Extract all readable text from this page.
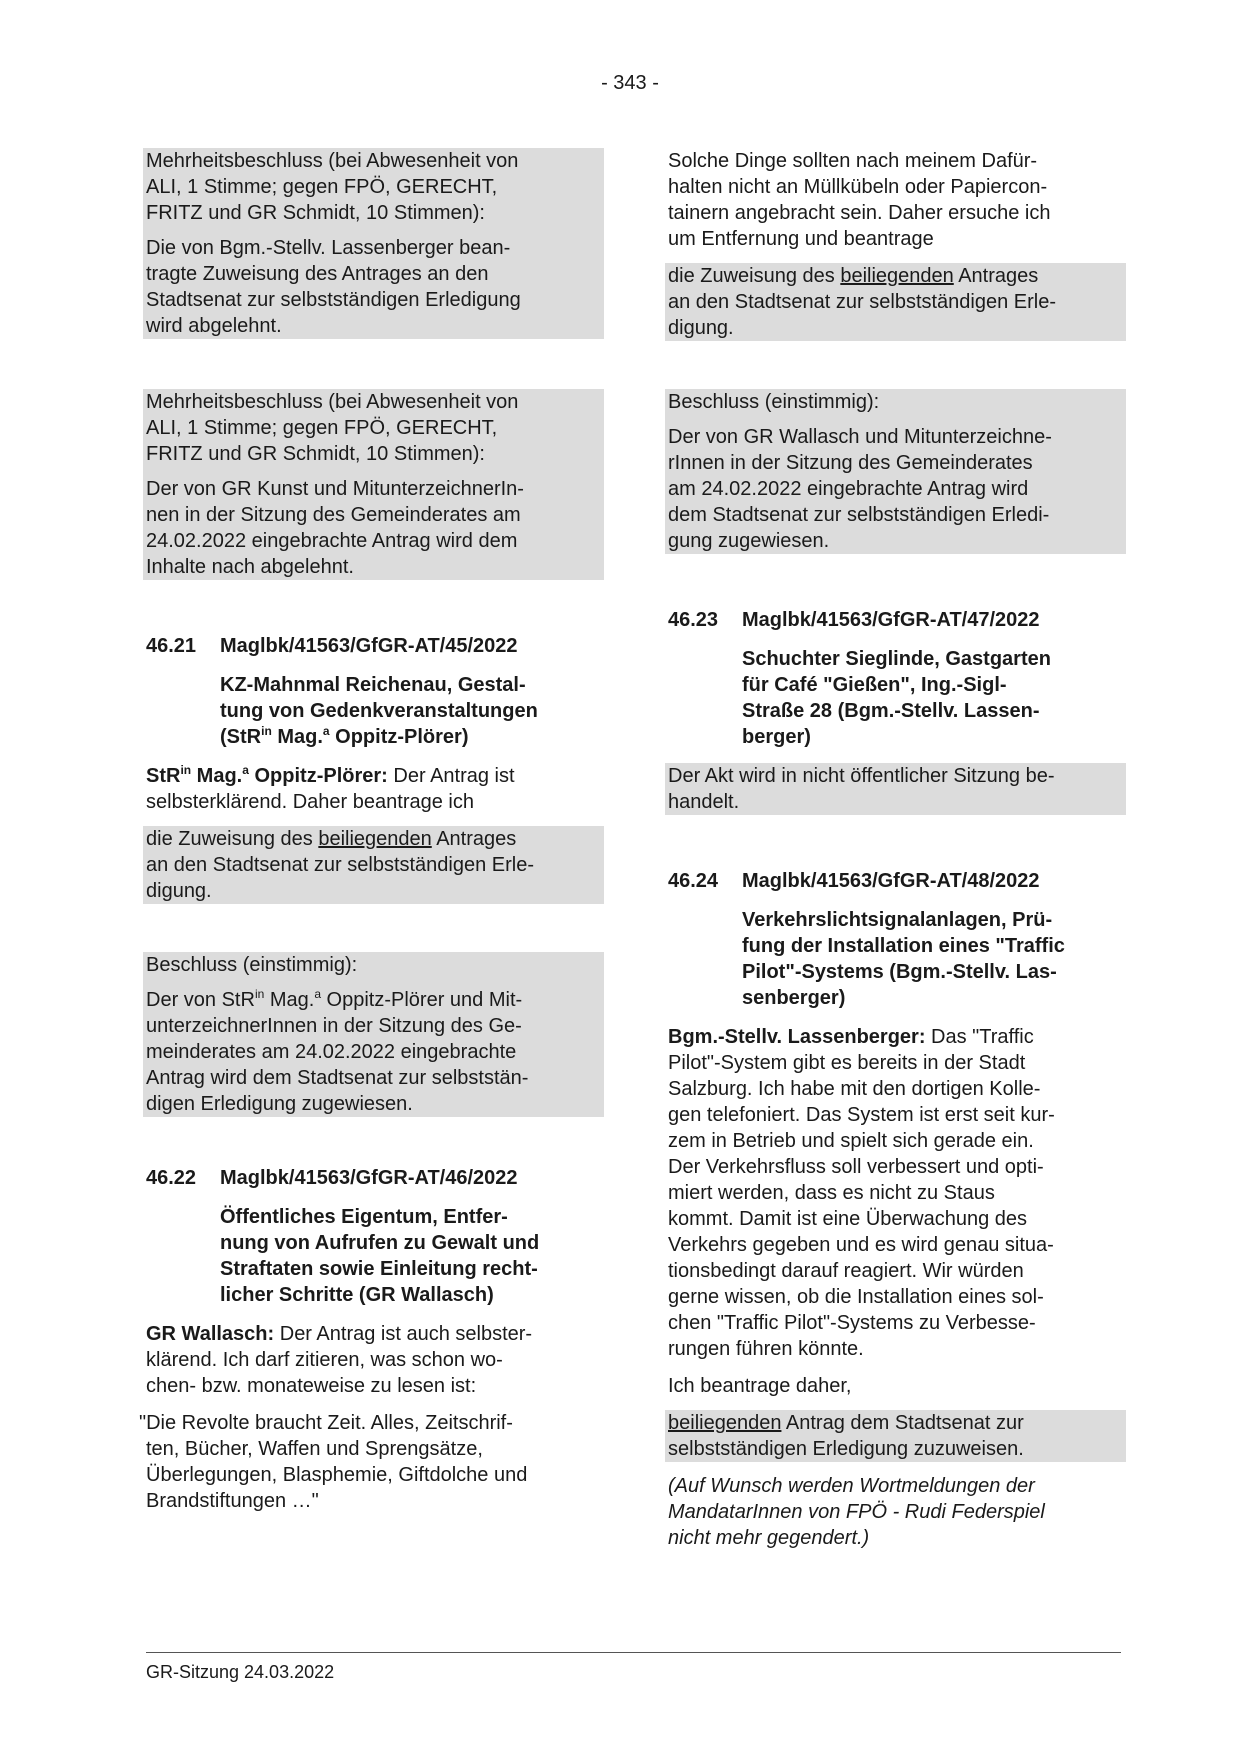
- 343 -

Mehrheitsbeschluss (bei Abwesenheit von
ALI, 1 Stimme; gegen FPÖ, GERECHT,
FRITZ und GR Schmidt, 10 Stimmen):

Die von Bgm.-Stellv. Lassenberger bean-
tragte Zuweisung des Antrages an den
Stadtsenat zur selbstständigen Erledigung
wird abgelehnt.

Mehrheitsbeschluss (bei Abwesenheit von
ALI, 1 Stimme; gegen FPÖ, GERECHT,
FRITZ und GR Schmidt, 10 Stimmen):

Der von GR Kunst und MitunterzeichnerIn-
nen in der Sitzung des Gemeinderates am
24.02.2022 eingebrachte Antrag wird dem
Inhalte nach abgelehnt.

46.21	Maglbk/41563/GfGR-AT/45/2022
KZ-Mahnmal Reichenau, Gestal-
tung von Gedenkveranstaltungen
(StR$^{in}$ Mag.$^a$ Oppitz-Plörer)

StR$^{in}$ Mag.$^a$ Oppitz-Plörer: Der Antrag ist
selbsterklärend. Daher beantrage ich

die Zuweisung des beiliegenden Antrages
an den Stadtsenat zur selbstständigen Erle-
digung.

Beschluss (einstimmig):

Der von StR$^{in}$ Mag.$^a$ Oppitz-Plörer und Mit-
unterzeichnerInnen in der Sitzung des Ge-
meinderates am 24.02.2022 eingebrachte
Antrag wird dem Stadtsenat zur selbststän-
digen Erledigung zugewiesen.

46.22	Maglbk/41563/GfGR-AT/46/2022
Öffentliches Eigentum, Entfer-
nung von Aufrufen zu Gewalt und
Straftaten sowie Einleitung recht-
licher Schritte (GR Wallasch)

GR Wallasch: Der Antrag ist auch selbster-
klärend. Ich darf zitieren, was schon wo-
chen- bzw. monateweise zu lesen ist:

"Die Revolte braucht Zeit. Alles, Zeitschrif-
ten, Bücher, Waffen und Sprengsätze,
Überlegungen, Blasphemie, Giftdolche und
Brandstiftungen …"

Solche Dinge sollten nach meinem Dafür-
halten nicht an Müllkübeln oder Papiercon-
tainern angebracht sein. Daher ersuche ich
um Entfernung und beantrage

die Zuweisung des beiliegenden Antrages
an den Stadtsenat zur selbstständigen Erle-
digung.

Beschluss (einstimmig):

Der von GR Wallasch und Mitunterzeichne-
rInnen in der Sitzung des Gemeinderates
am 24.02.2022 eingebrachte Antrag wird
dem Stadtsenat zur selbstständigen Erledi-
gung zugewiesen.

46.23	Maglbk/41563/GfGR-AT/47/2022
Schuchter Sieglinde, Gastgarten
für Café "Gießen", Ing.-Sigl-
Straße 28 (Bgm.-Stellv. Lassen-
berger)

Der Akt wird in nicht öffentlicher Sitzung be-
handelt.

46.24	Maglbk/41563/GfGR-AT/48/2022
Verkehrslichtsignalanlagen, Prü-
fung der Installation eines "Traffic
Pilot"-Systems (Bgm.-Stellv. Las-
senberger)

Bgm.-Stellv. Lassenberger: Das "Traffic
Pilot"-System gibt es bereits in der Stadt
Salzburg. Ich habe mit den dortigen Kolle-
gen telefoniert. Das System ist erst seit kur-
zem in Betrieb und spielt sich gerade ein.
Der Verkehrsfluss soll verbessert und opti-
miert werden, dass es nicht zu Staus
kommt. Damit ist eine Überwachung des
Verkehrs gegeben und es wird genau situa-
tionsbedingt darauf reagiert. Wir würden
gerne wissen, ob die Installation eines sol-
chen "Traffic Pilot"-Systems zu Verbesse-
rungen führen könnte.

Ich beantrage daher,

beiliegenden Antrag dem Stadtsenat zur
selbstständigen Erledigung zuzuweisen.

(Auf Wunsch werden Wortmeldungen der
MandatarInnen von FPÖ - Rudi Federspiel
nicht mehr gegendert.)

GR-Sitzung 24.03.2022
